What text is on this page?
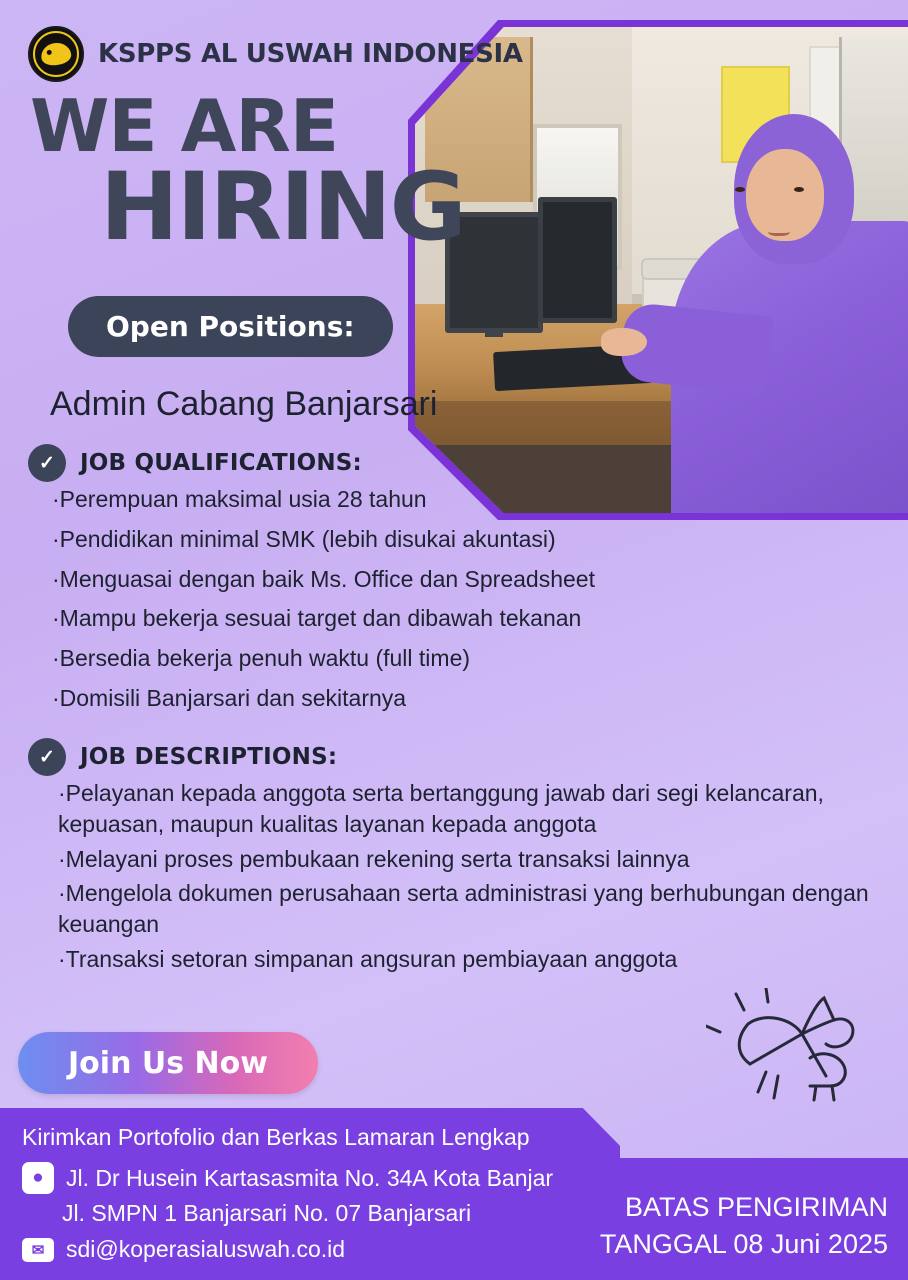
KSPPS AL USWAH INDONESIA
WE ARE
HIRING
Open Positions:
Admin Cabang Banjarsari
✓	JOB QUALIFICATIONS:
·Perempuan maksimal usia 28 tahun
·Pendidikan minimal SMK (lebih disukai akuntasi)
·Menguasai dengan baik Ms. Office dan Spreadsheet
·Mampu bekerja sesuai target dan dibawah tekanan
·Bersedia bekerja penuh waktu (full time)
·Domisili Banjarsari dan sekitarnya
✓	JOB DESCRIPTIONS:
·Pelayanan kepada anggota serta bertanggung jawab dari segi kelancaran, kepuasan, maupun kualitas layanan kepada anggota
·Melayani proses pembukaan rekening serta transaksi lainnya
·Mengelola dokumen perusahaan serta administrasi yang berhubungan dengan keuangan
·Transaksi setoran simpanan angsuran pembiayaan anggota
Join Us Now
Kirimkan Portofolio dan Berkas Lamaran Lengkap
● Jl. Dr Husein Kartasasmita No. 34A Kota Banjar
Jl. SMPN 1 Banjarsari No. 07 Banjarsari
✉ sdi@koperasialuswah.co.id
BATAS PENGIRIMAN
TANGGAL 08 Juni 2025
